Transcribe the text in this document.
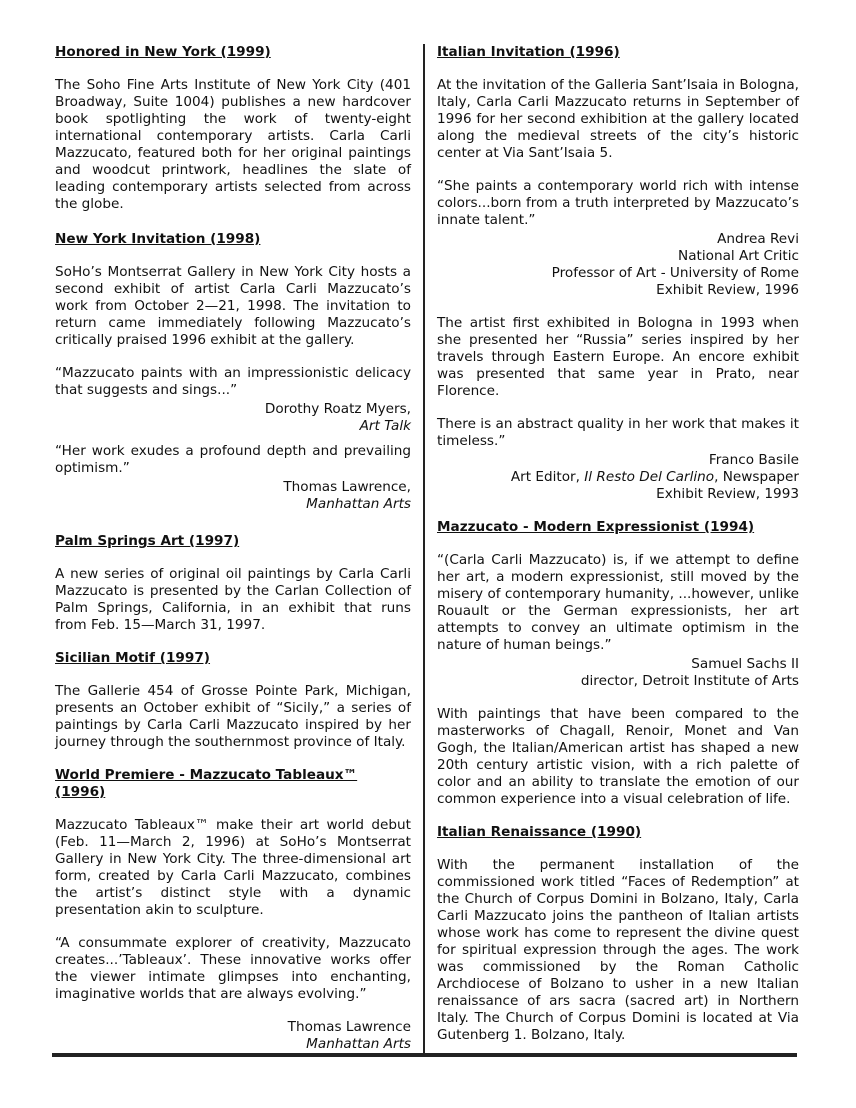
Honored in New York (1999)

The Soho Fine Arts Institute of New York City (401 Broadway, Suite 1004) publishes a new hardcover book spotlighting the work of twenty-eight international contemporary artists. Carla Carli Mazzucato, featured both for her original paintings and woodcut printwork, headlines the slate of leading contemporary artists selected from across the globe.

New York Invitation (1998)

SoHo’s Montserrat Gallery in New York City hosts a second exhibit of artist Carla Carli Mazzucato’s work from October 2—21, 1998. The invitation to return came immediately following Mazzucato’s critically praised 1996 exhibit at the gallery.

“Mazzucato paints with an impressionistic delicacy that suggests and sings...”

Dorothy Roatz Myers,
Art Talk

“Her work exudes a profound depth and prevailing optimism.”

Thomas Lawrence,
Manhattan Arts
Palm Springs Art (1997)

A new series of original oil paintings by Carla Carli Mazzucato is presented by the Carlan Collection of Palm Springs, California, in an exhibit that runs from Feb. 15—March 31, 1997.

Sicilian Motif (1997)

The Gallerie 454 of Grosse Pointe Park, Michigan, presents an October exhibit of “Sicily,” a series of paintings by Carla Carli Mazzucato inspired by her journey through the southernmost province of Italy.

World Premiere - Mazzucato Tableaux™ (1996)

Mazzucato Tableaux™ make their art world debut (Feb. 11—March 2, 1996) at SoHo’s Montserrat Gallery in New York City. The three-dimensional art form, created by Carla Carli Mazzucato, combines the artist’s distinct style with a dynamic presentation akin to sculpture.

“A consummate explorer of creativity, Mazzucato creates...’Tableaux’. These innovative works offer the viewer intimate glimpses into enchanting, imaginative worlds that are always evolving.”

Thomas Lawrence
Manhattan Arts
Italian Invitation (1996)

At the invitation of the Galleria Sant’Isaia in Bologna, Italy, Carla Carli Mazzucato returns in September of 1996 for her second exhibition at the gallery located along the medieval streets of the city’s historic center at Via Sant’Isaia 5.

“She paints a contemporary world rich with intense colors...born from a truth interpreted by Mazzucato’s innate talent.”

Andrea Revi
National Art Critic
Professor of Art - University of Rome
Exhibit Review, 1996

The artist first exhibited in Bologna in 1993 when she presented her “Russia” series inspired by her travels through Eastern Europe. An encore exhibit was presented that same year in Prato, near Florence.

There is an abstract quality in her work that makes it timeless.”

Franco Basile
Art Editor, Il Resto Del Carlino, Newspaper
Exhibit Review, 1993
Mazzucato - Modern Expressionist (1994)

“(Carla Carli Mazzucato) is, if we attempt to define her art, a modern expressionist, still moved by the misery of contemporary humanity, ...however, unlike Rouault or the German expressionists, her art attempts to convey an ultimate optimism in the nature of human beings.”

Samuel Sachs II
director, Detroit Institute of Arts

With paintings that have been compared to the masterworks of Chagall, Renoir, Monet and Van Gogh, the Italian/American artist has shaped a new 20th century artistic vision, with a rich palette of color and an ability to translate the emotion of our common experience into a visual celebration of life.

Italian Renaissance (1990)

With the permanent installation of the commissioned work titled “Faces of Redemption” at the Church of Corpus Domini in Bolzano, Italy, Carla Carli Mazzucato joins the pantheon of Italian artists whose work has come to represent the divine quest for spiritual expression through the ages. The work was commissioned by the Roman Catholic Archdiocese of Bolzano to usher in a new Italian renaissance of ars sacra (sacred art) in Northern Italy. The Church of Corpus Domini is located at Via Gutenberg 1. Bolzano, Italy.
